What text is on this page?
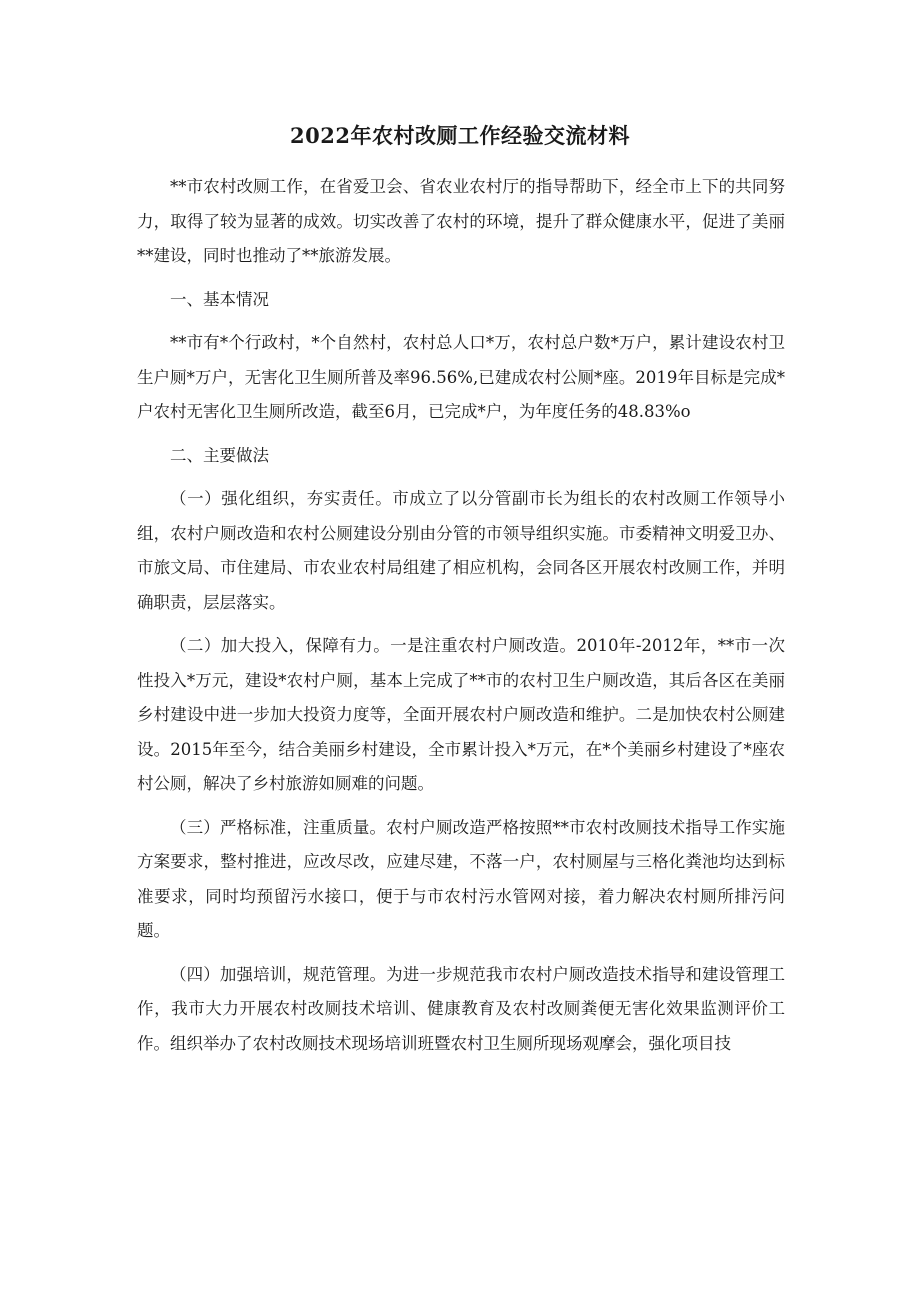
2022年农村改厕工作经验交流材料

**市农村改厕工作，在省爱卫会、省农业农村厅的指导帮助下，经全市上下的共同努力，取得了较为显著的成效。切实改善了农村的环境，提升了群众健康水平，促进了美丽**建设，同时也推动了**旅游发展。

一、基本情况

**市有*个行政村，*个自然村，农村总人口*万，农村总户数*万户，累计建设农村卫生户厕*万户，无害化卫生厕所普及率96.56%,已建成农村公厕*座。2019年目标是完成*户农村无害化卫生厕所改造，截至6月，已完成*户，为年度任务的48.83%o

二、主要做法

（一）强化组织，夯实责任。市成立了以分管副市长为组长的农村改厕工作领导小组，农村户厕改造和农村公厕建设分别由分管的市领导组织实施。市委精神文明爱卫办、市旅文局、市住建局、市农业农村局组建了相应机构，会同各区开展农村改厕工作，并明确职责，层层落实。

（二）加大投入，保障有力。一是注重农村户厕改造。2010年-2012年，**市一次性投入*万元，建设*农村户厕，基本上完成了**市的农村卫生户厕改造，其后各区在美丽乡村建设中进一步加大投资力度等，全面开展农村户厕改造和维护。二是加快农村公厕建设。2015年至今，结合美丽乡村建设，全市累计投入*万元，在*个美丽乡村建设了*座农村公厕，解决了乡村旅游如厕难的问题。

（三）严格标准，注重质量。农村户厕改造严格按照**市农村改厕技术指导工作实施方案要求，整村推进，应改尽改，应建尽建，不落一户，农村厕屋与三格化粪池均达到标准要求，同时均预留污水接口，便于与市农村污水管网对接，着力解决农村厕所排污问题。

（四）加强培训，规范管理。为进一步规范我市农村户厕改造技术指导和建设管理工作，我市大力开展农村改厕技术培训、健康教育及农村改厕粪便无害化效果监测评价工作。组织举办了农村改厕技术现场培训班暨农村卫生厕所现场观摩会，强化项目技
